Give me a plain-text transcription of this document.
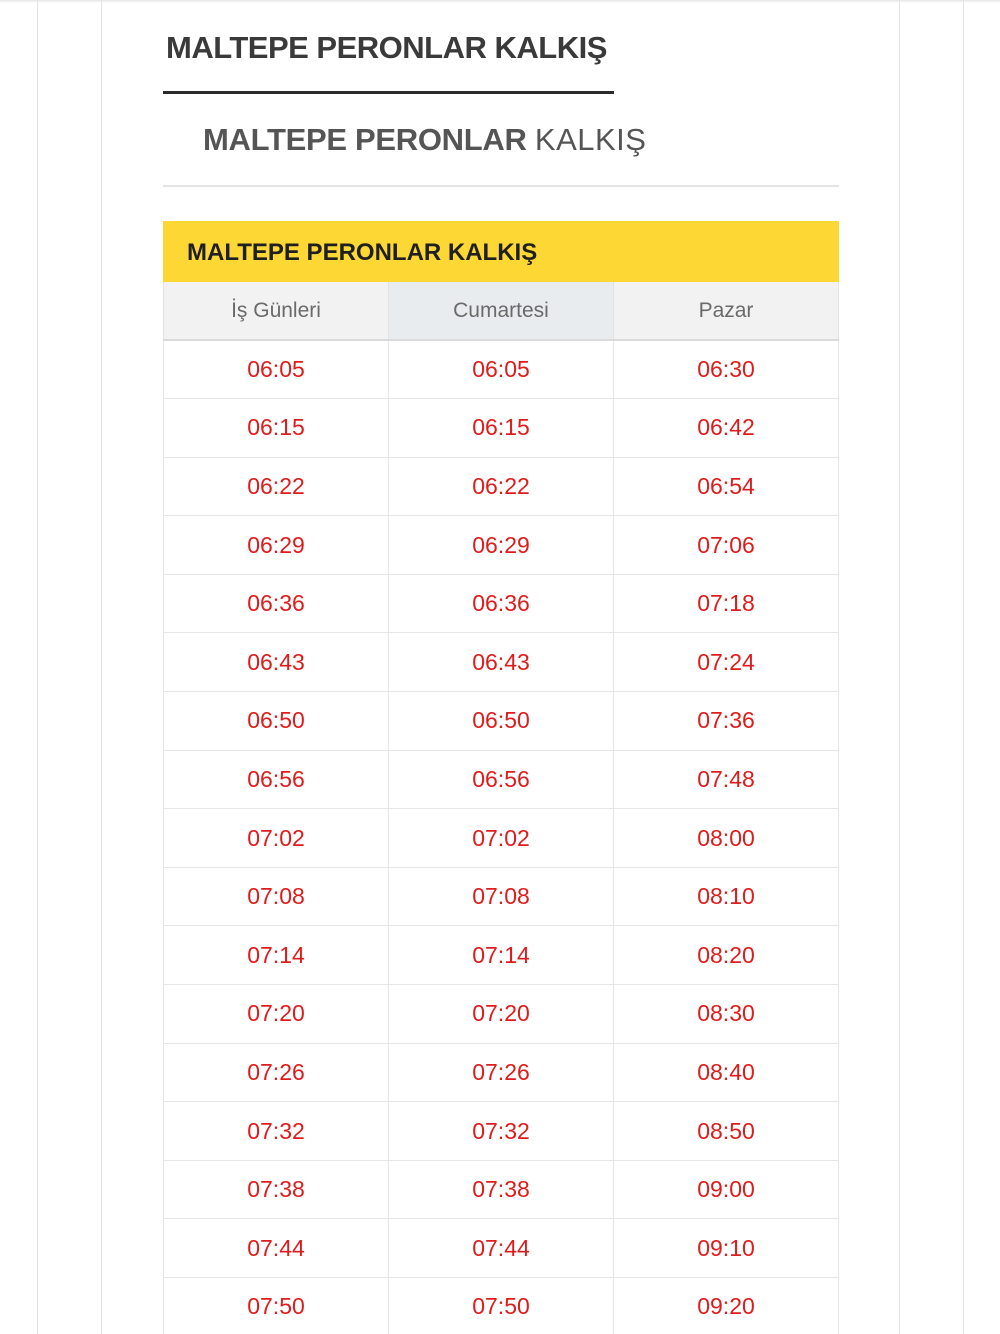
MALTEPE PERONLAR KALKIŞ
MALTEPE PERONLAR KALKIŞ
MALTEPE PERONLAR KALKIŞ
İş Günleri	Cumartesi	Pazar
06:05	06:05	06:30
06:15	06:15	06:42
06:22	06:22	06:54
06:29	06:29	07:06
06:36	06:36	07:18
06:43	06:43	07:24
06:50	06:50	07:36
06:56	06:56	07:48
07:02	07:02	08:00
07:08	07:08	08:10
07:14	07:14	08:20
07:20	07:20	08:30
07:26	07:26	08:40
07:32	07:32	08:50
07:38	07:38	09:00
07:44	07:44	09:10
07:50	07:50	09:20
